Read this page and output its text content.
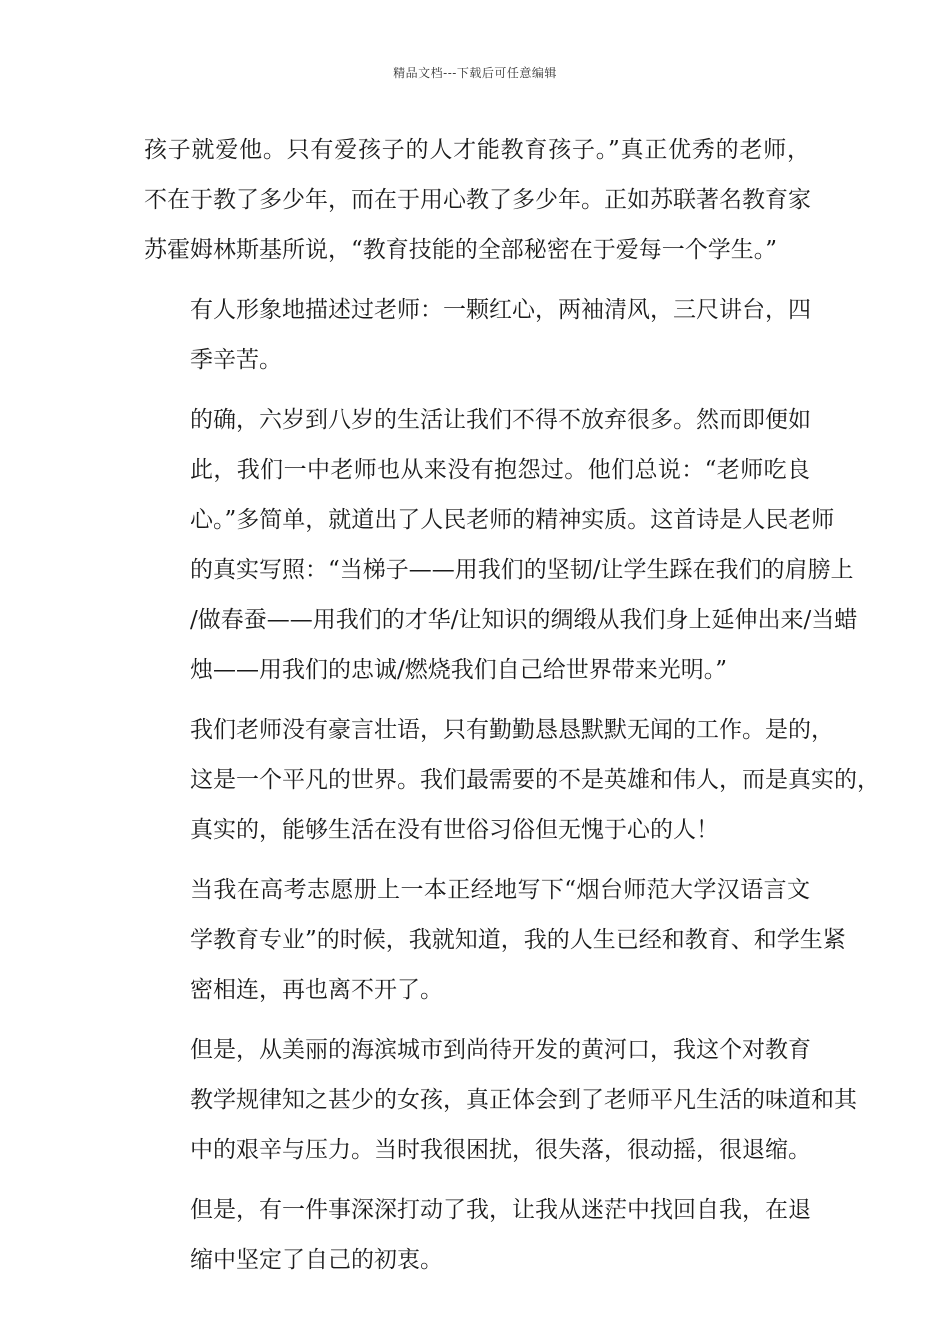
精品文档---下载后可任意编辑
孩子就爱他。只有爱孩子的人才能教育孩子。”真正优秀的老师，
不在于教了多少年，而在于用心教了多少年。正如苏联著名教育家
苏霍姆林斯基所说，“教育技能的全部秘密在于爱每一个学生。”
有人形象地描述过老师：一颗红心，两袖清风，三尺讲台，四
季辛苦。
的确，六岁到八岁的生活让我们不得不放弃很多。然而即便如
此，我们一中老师也从来没有抱怨过。他们总说：“老师吃良
心。”多简单，就道出了人民老师的精神实质。这首诗是人民老师
的真实写照：“当梯子——用我们的坚韧/让学生踩在我们的肩膀上
/做春蚕——用我们的才华/让知识的绸缎从我们身上延伸出来/当蜡
烛——用我们的忠诚/燃烧我们自己给世界带来光明。”
我们老师没有豪言壮语，只有勤勤恳恳默默无闻的工作。是的，
这是一个平凡的世界。我们最需要的不是英雄和伟人，而是真实的，
真实的，能够生活在没有世俗习俗但无愧于心的人！
当我在高考志愿册上一本正经地写下“烟台师范大学汉语言文
学教育专业”的时候，我就知道，我的人生已经和教育、和学生紧
密相连，再也离不开了。
但是，从美丽的海滨城市到尚待开发的黄河口，我这个对教育
教学规律知之甚少的女孩，真正体会到了老师平凡生活的味道和其
中的艰辛与压力。当时我很困扰，很失落，很动摇，很退缩。
但是，有一件事深深打动了我，让我从迷茫中找回自我，在退
缩中坚定了自己的初衷。
